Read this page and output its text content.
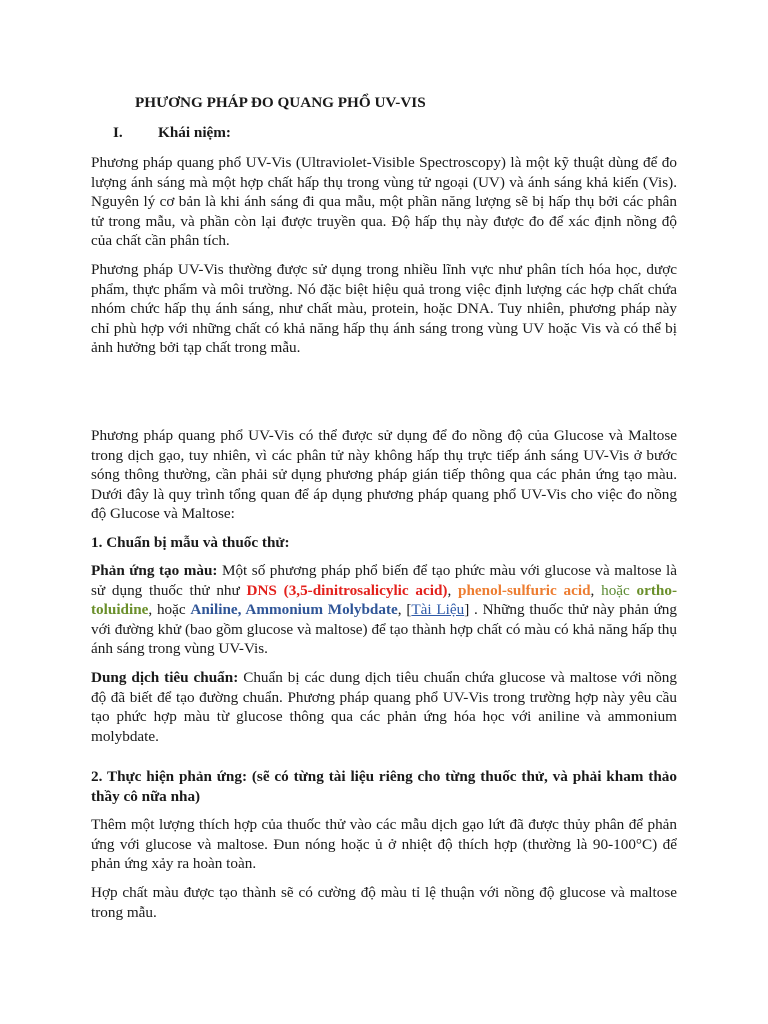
PHƯƠNG PHÁP ĐO QUANG PHỔ UV-VIS
I. Khái niệm:

Phương pháp quang phổ UV-Vis (Ultraviolet-Visible Spectroscopy) là một kỹ thuật dùng để đo lượng ánh sáng mà một hợp chất hấp thụ trong vùng tử ngoại (UV) và ánh sáng khả kiến (Vis). Nguyên lý cơ bản là khi ánh sáng đi qua mẫu, một phần năng lượng sẽ bị hấp thụ bởi các phân tử trong mẫu, và phần còn lại được truyền qua. Độ hấp thụ này được đo để xác định nồng độ của chất cần phân tích.

Phương pháp UV-Vis thường được sử dụng trong nhiều lĩnh vực như phân tích hóa học, dược phẩm, thực phẩm và môi trường. Nó đặc biệt hiệu quả trong việc định lượng các hợp chất chứa nhóm chức hấp thụ ánh sáng, như chất màu, protein, hoặc DNA. Tuy nhiên, phương pháp này chỉ phù hợp với những chất có khả năng hấp thụ ánh sáng trong vùng UV hoặc Vis và có thể bị ảnh hưởng bởi tạp chất trong mẫu.

Phương pháp quang phổ UV-Vis có thể được sử dụng để đo nồng độ của Glucose và Maltose trong dịch gạo, tuy nhiên, vì các phân tử này không hấp thụ trực tiếp ánh sáng UV-Vis ở bước sóng thông thường, cần phải sử dụng phương pháp gián tiếp thông qua các phản ứng tạo màu. Dưới đây là quy trình tổng quan để áp dụng phương pháp quang phổ UV-Vis cho việc đo nồng độ Glucose và Maltose:

1. Chuẩn bị mẫu và thuốc thử:

Phản ứng tạo màu: Một số phương pháp phổ biến để tạo phức màu với glucose và maltose là sử dụng thuốc thử như DNS (3,5-dinitrosalicylic acid), phenol-sulfuric acid, hoặc ortho-toluidine, hoặc Aniline, Ammonium Molybdate, [Tài Liệu] . Những thuốc thử này phản ứng với đường khử (bao gồm glucose và maltose) để tạo thành hợp chất có màu có khả năng hấp thụ ánh sáng trong vùng UV-Vis.

Dung dịch tiêu chuẩn: Chuẩn bị các dung dịch tiêu chuẩn chứa glucose và maltose với nồng độ đã biết để tạo đường chuẩn. Phương pháp quang phổ UV-Vis trong trường hợp này yêu cầu tạo phức hợp màu từ glucose thông qua các phản ứng hóa học với aniline và ammonium molybdate.

2. Thực hiện phản ứng: (sẽ có từng tài liệu riêng cho từng thuốc thử, và phải kham thảo thầy cô nữa nha)

Thêm một lượng thích hợp của thuốc thử vào các mẫu dịch gạo lứt đã được thủy phân để phản ứng với glucose và maltose. Đun nóng hoặc ủ ở nhiệt độ thích hợp (thường là 90-100°C) để phản ứng xảy ra hoàn toàn.

Hợp chất màu được tạo thành sẽ có cường độ màu tỉ lệ thuận với nồng độ glucose và maltose trong mẫu.
